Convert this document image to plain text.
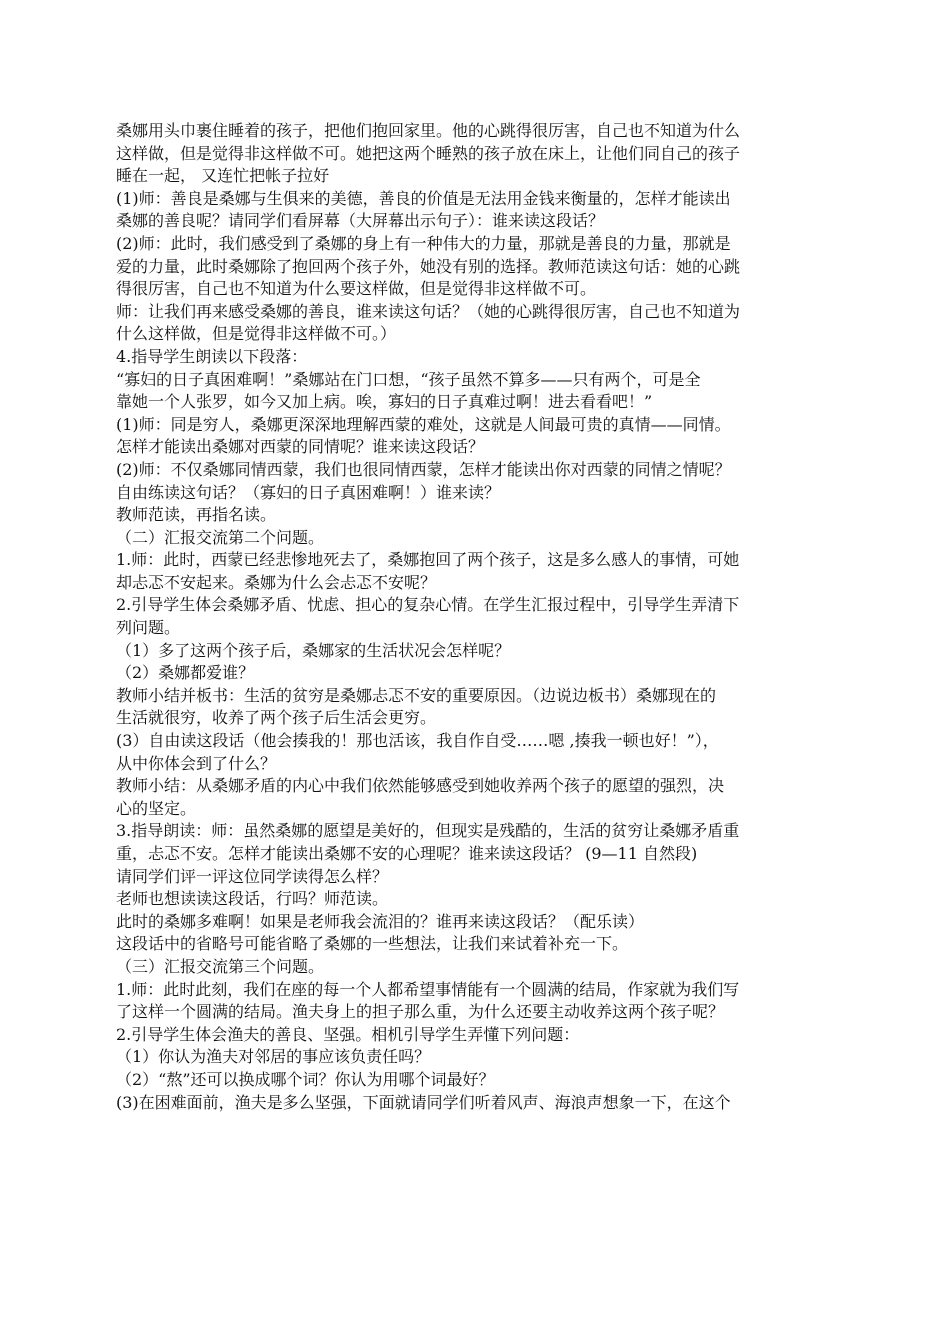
桑娜用头巾裹住睡着的孩子，把他们抱回家里。他的心跳得很厉害，自己也不知道为什么
这样做，但是觉得非这样做不可。她把这两个睡熟的孩子放在床上，让他们同自己的孩子
睡在一起， 又连忙把帐子拉好
(1)师：善良是桑娜与生俱来的美德，善良的价值是无法用金钱来衡量的，怎样才能读出
桑娜的善良呢？请同学们看屏幕（大屏幕出示句子）：谁来读这段话？
(2)师：此时，我们感受到了桑娜的身上有一种伟大的力量，那就是善良的力量，那就是
爱的力量，此时桑娜除了抱回两个孩子外，她没有别的选择。教师范读这句话：她的心跳
得很厉害，自己也不知道为什么要这样做，但是觉得非这样做不可。
师：让我们再来感受桑娜的善良，谁来读这句话？（她的心跳得很厉害，自己也不知道为
什么这样做，但是觉得非这样做不可。）
4.指导学生朗读以下段落：
“寡妇的日子真困难啊！”桑娜站在门口想，“孩子虽然不算多——只有两个，可是全
靠她一个人张罗，如今又加上病。唉，寡妇的日子真难过啊！进去看看吧！”
(1)师：同是穷人，桑娜更深深地理解西蒙的难处，这就是人间最可贵的真情——同情。
怎样才能读出桑娜对西蒙的同情呢？谁来读这段话？
(2)师：不仅桑娜同情西蒙，我们也很同情西蒙，怎样才能读出你对西蒙的同情之情呢？
自由练读这句话？（寡妇的日子真困难啊！）谁来读？
教师范读，再指名读。
（二）汇报交流第二个问题。
1.师：此时，西蒙已经悲惨地死去了，桑娜抱回了两个孩子，这是多么感人的事情，可她
却忐忑不安起来。桑娜为什么会忐忑不安呢？
2.引导学生体会桑娜矛盾、忧虑、担心的复杂心情。在学生汇报过程中，引导学生弄清下
列问题。
（1）多了这两个孩子后，桑娜家的生活状况会怎样呢？
（2）桑娜都爱谁？
教师小结并板书：生活的贫穷是桑娜忐忑不安的重要原因。（边说边板书）桑娜现在的
生活就很穷，收养了两个孩子后生活会更穷。
(3）自由读这段话（他会揍我的！那也活该，我自作自受……嗯 ,揍我一顿也好！”），
从中你体会到了什么？
教师小结：从桑娜矛盾的内心中我们依然能够感受到她收养两个孩子的愿望的强烈，决
心的坚定。
3.指导朗读：师：虽然桑娜的愿望是美好的，但现实是残酷的，生活的贫穷让桑娜矛盾重
重，忐忑不安。怎样才能读出桑娜不安的心理呢？谁来读这段话？ (9—11 自然段)
请同学们评一评这位同学读得怎么样？
老师也想读读这段话，行吗？师范读。
此时的桑娜多难啊！如果是老师我会流泪的？谁再来读这段话？（配乐读）
这段话中的省略号可能省略了桑娜的一些想法，让我们来试着补充一下。
（三）汇报交流第三个问题。
1.师：此时此刻，我们在座的每一个人都希望事情能有一个圆满的结局，作家就为我们写
了这样一个圆满的结局。渔夫身上的担子那么重，为什么还要主动收养这两个孩子呢？
2.引导学生体会渔夫的善良、坚强。相机引导学生弄懂下列问题：
（1）你认为渔夫对邻居的事应该负责任吗？
（2）“熬”还可以换成哪个词？你认为用哪个词最好？
(3)在困难面前，渔夫是多么坚强，下面就请同学们听着风声、海浪声想象一下，在这个
